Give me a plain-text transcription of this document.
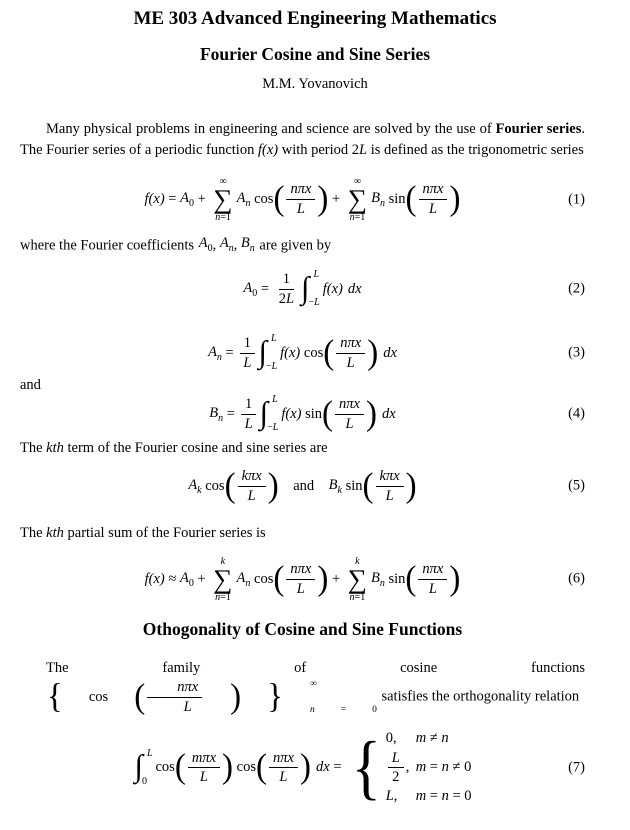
ME 303 Advanced Engineering Mathematics
Fourier Cosine and Sine Series
M.M. Yovanovich

Many physical problems in engineering and science are solved by the use of Fourier series. The Fourier series of a periodic function f(x) with period 2L is defined as the trigonometric series

$f(x) = A_0$ +
∞
∑
n = 1
$A_n$ cos ( nπx
L ) +
∞
∑
n = 1
$B_n$ sin ( nπx
L )	(1)
where the Fourier coefficients $A_0$ , $A_n$ , $B_n$ are given by
$A_0 = \frac{1}{2 L}$ ∫ L
− L
f(x) dx	(2)
$A_n = \frac{1}{L}$ ∫ L
− L
f(x) cos ( nπx
L ) dx	(3)
and
$B_n = \frac{1}{L}$ ∫ L
− L
f(x) sin ( nπx
L ) dx	(4)
The kth term of the Fourier cosine and sine series are
$A_k$ cos ( kπx
L ) and $B_k$ sin ( kπx
L )	(5)
The kth partial sum of the Fourier series is
$f(x) \approx A_0$ +
k
∑
n = 1
$A_n$ cos ( nπx
L ) +
k
∑
n = 1
$B_n$ sin ( nπx
L )	(6)
Othogonality of Cosine and Sine Functions

The family of cosine functions
{	cos (	nπx
L	) }	∞
n	=	0
satisfies the orthogonality relation

∫ L
0
cos ( mπx
L ) cos ( nπx
L ) dx = { 0, m ≠ n
L
2
, m = n ≠ 0
L , m = n = 0
(7)
